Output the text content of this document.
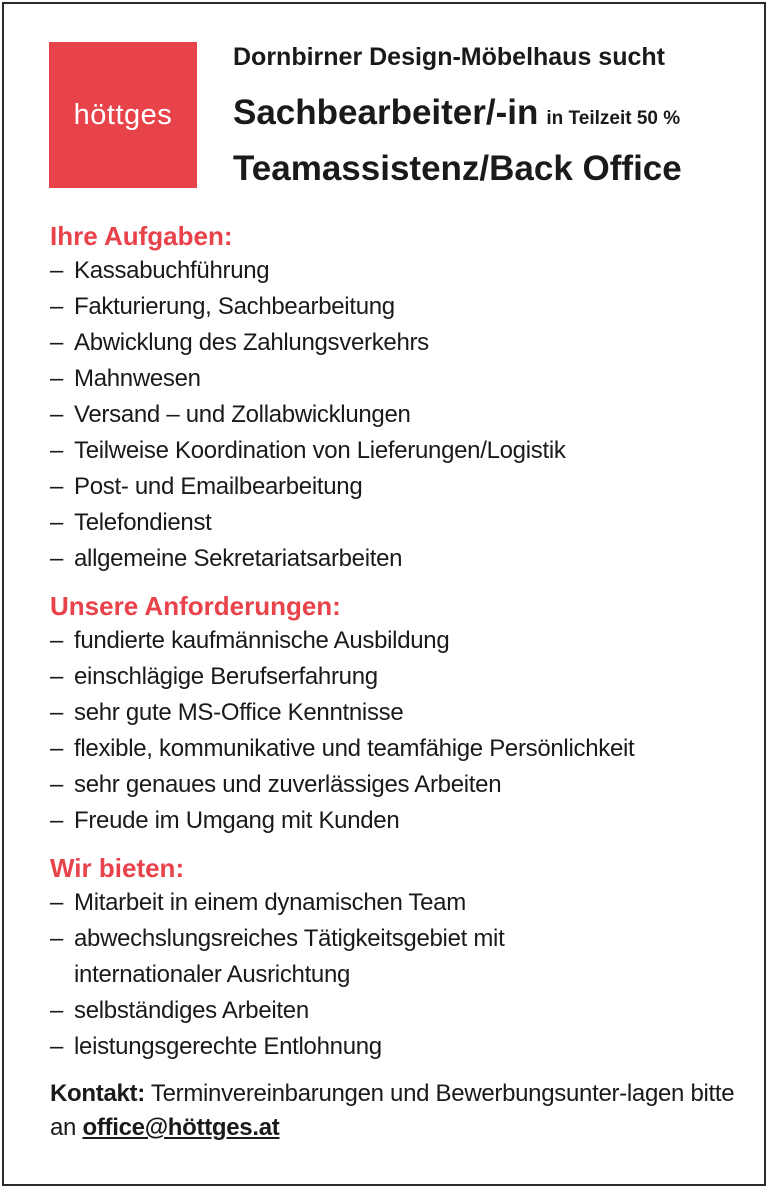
höttges
Dornbirner Design-Möbelhaus sucht
Sachbearbeiter/-in in Teilzeit 50 %
Teamassistenz/Back Office
Ihre Aufgaben:
– Kassabuchführung
– Fakturierung, Sachbearbeitung
– Abwicklung des Zahlungsverkehrs
– Mahnwesen
– Versand – und Zollabwicklungen
– Teilweise Koordination von Lieferungen/Logistik
– Post- und Emailbearbeitung
– Telefondienst
– allgemeine Sekretariatsarbeiten
Unsere Anforderungen:
– fundierte kaufmännische Ausbildung
– einschlägige Berufserfahrung
– sehr gute MS-Office Kenntnisse
– flexible, kommunikative und teamfähige Persönlichkeit
– sehr genaues und zuverlässiges Arbeiten
– Freude im Umgang mit Kunden
Wir bieten:
– Mitarbeit in einem dynamischen Team
– abwechslungsreiches Tätigkeitsgebiet mit internationaler Ausrichtung
– selbständiges Arbeiten
– leistungsgerechte Entlohnung
Kontakt: Terminvereinbarungen und Bewerbungsunter-lagen bitte an office@höttges.at
